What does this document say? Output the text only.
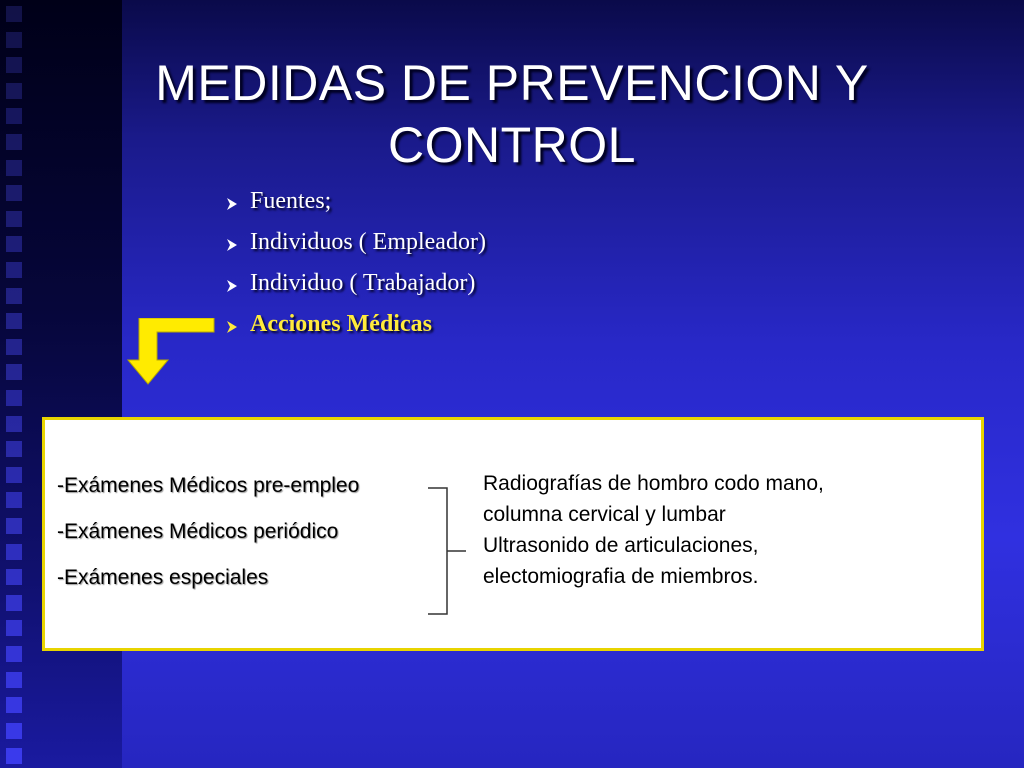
MEDIDAS DE PREVENCION Y
CONTROL
Fuentes;
Individuos ( Empleador)
Individuo ( Trabajador)
Acciones Médicas
-Exámenes Médicos pre-empleo
-Exámenes Médicos periódico
-Exámenes especiales
Radiografías de hombro codo mano,
columna cervical y lumbar
Ultrasonido de articulaciones,
electomiografia de miembros.
